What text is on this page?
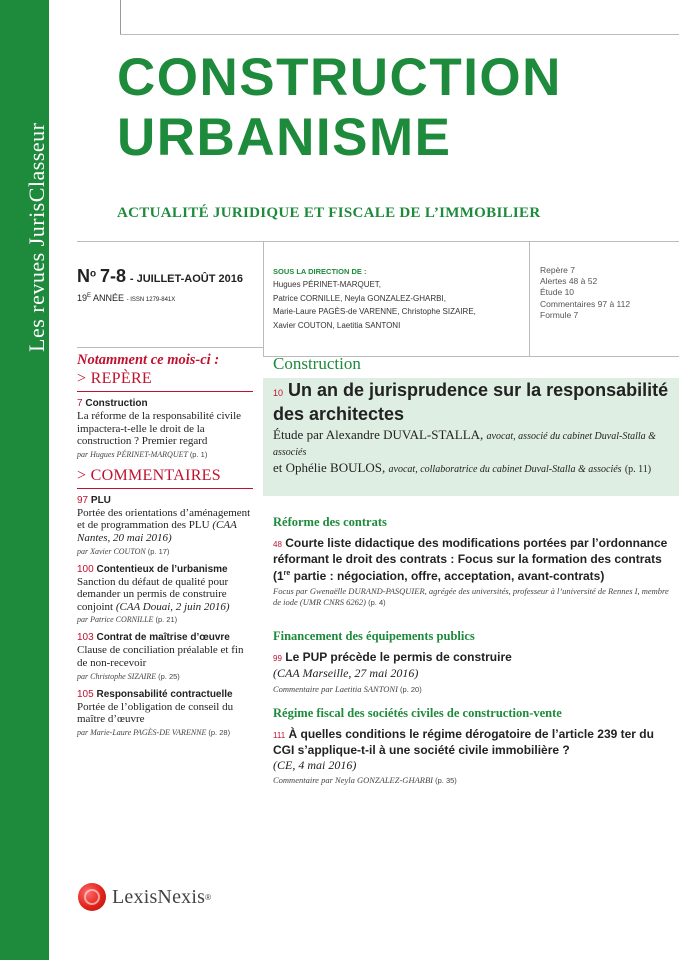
Les revues JurisClasseur
CONSTRUCTION
URBANISME
ACTUALITÉ JURIDIQUE ET FISCALE DE L’IMMOBILIER
$N^o$ 7-8 - JUILLET-AOÛT 2016
$19^E$ ANNÉE - ISSN 1279-841X
SOUS LA DIRECTION DE :
Hugues PÉRINET-MARQUET,
Patrice CORNILLE, Neyla GONZALEZ-GHARBI,
Marie-Laure PAGÈS-de VARENNE, Christophe SIZAIRE,
Xavier COUTON, Laetitia SANTONI
Repère 7
Alertes 48 à 52
Étude 10
Commentaires 97 à 112
Formule 7
Notamment ce mois-ci :
> REPÈRE
7 Construction
La réforme de la responsabilité civile impactera-t-elle le droit de la construction ? Premier regard
par Hugues PÉRINET-MARQUET (p. 1)
> COMMENTAIRES
97 PLU
Portée des orientations d’aménagement et de programmation des PLU (CAA Nantes, 20 mai 2016)
par Xavier COUTON (p. 17)
100 Contentieux de l’urbanisme
Sanction du défaut de qualité pour demander un permis de construire conjoint (CAA Douai, 2 juin 2016)
par Patrice CORNILLE (p. 21)
103 Contrat de maîtrise d’œuvre
Clause de conciliation préalable et fin de non-recevoir
par Christophe SIZAIRE (p. 25)
105 Responsabilité contractuelle
Portée de l’obligation de conseil du maître d’œuvre
par Marie-Laure PAGÈS-DE VARENNE (p. 28)
Construction
10 Un an de jurisprudence sur la responsabilité des architectes
Étude par Alexandre DUVAL-STALLA, avocat, associé du cabinet Duval-Stalla & associés
et Ophélie BOULOS, avocat, collaboratrice du cabinet Duval-Stalla & associés (p. 11)
Réforme des contrats
48 Courte liste didactique des modifications portées par l’ordonnance réformant le droit des contrats : Focus sur la formation des contrats (1re partie : négociation, offre, acceptation, avant-contrats)
Focus par Gwenaëlle DURAND-PASQUIER, agrégée des universités, professeur à l’université de Rennes I, membre de iode (UMR CNRS 6262) (p. 4)
Financement des équipements publics
99 Le PUP précède le permis de construire
(CAA Marseille, 27 mai 2016)
Commentaire par Laetitia SANTONI (p. 20)
Régime fiscal des sociétés civiles de construction-vente
111 À quelles conditions le régime dérogatoire de l’article 239 ter du CGI s’applique-t-il à une société civile immobilière ?
(CE, 4 mai 2016)
Commentaire par Neyla GONZALEZ-GHARBI (p. 35)
LexisNexis ®
